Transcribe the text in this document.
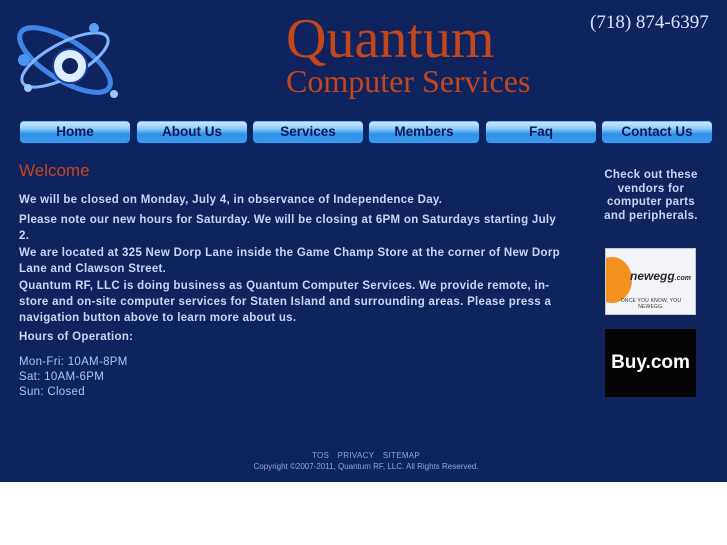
Quantum
Computer Services
(718) 874-6397
Home	About Us	Services	Members	Faq	Contact Us
Welcome
We will be closed on Monday, July 4, in observance of Independence Day.
Please note our new hours for Saturday. We will be closing at 6PM on Saturdays starting July 2.
We are located at 325 New Dorp Lane inside the Game Champ Store at the corner of New Dorp Lane and Clawson Street.
Quantum RF, LLC is doing business as Quantum Computer Services. We provide remote, in-store and on-site computer services for Staten Island and surrounding areas. Please press a navigation button above to learn more about us.
Hours of Operation:
Mon-Fri: 10AM-8PM
Sat: 10AM-6PM
Sun: Closed
Check out these vendors for computer parts and peripherals.
newegg.com
ONCE YOU KNOW, YOU NEWEGG.
Buy.com
TOS PRIVACY SITEMAP
Copyright ©2007-2011, Quantum RF, LLC. All Rights Reserved.
